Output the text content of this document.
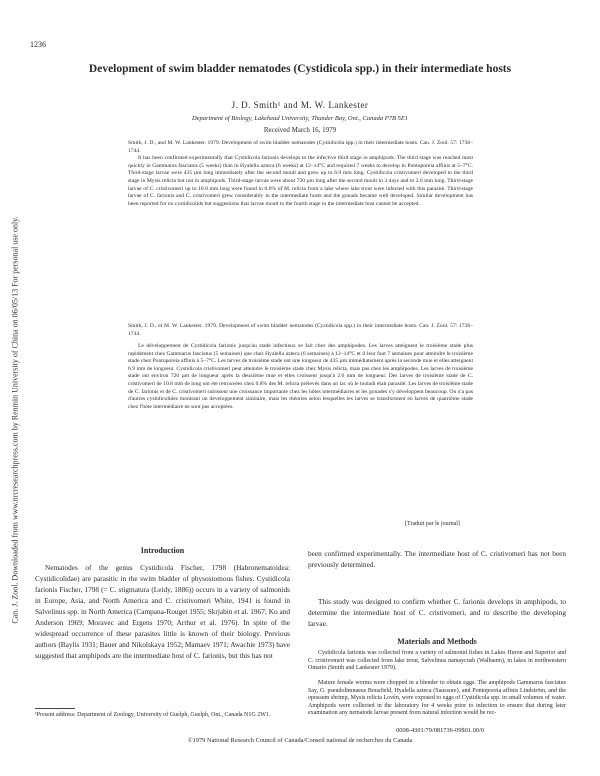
1236
Can. J. Zool. Downloaded from www.nrcresearchpress.com by Renmin University of China on 06/05/13 For personal use only.
Development of swim bladder nematodes (Cystidicola spp.) in their intermediate hosts
J. D. Smith¹ and M. W. Lankester
Department of Biology, Lakehead University, Thunder Bay, Ont., Canada P7B 5E1
Received March 16, 1979

Smith, J. D., and M. W. Lankester. 1979. Development of swim bladder nematodes (Cystidicola spp.) in their intermediate hosts. Can. J. Zool. 57: 1736–1744.

It has been confirmed experimentally that Cystidicola farionis develops to the infective third stage in amphipods. The third stage was reached most quickly in Gammarus fasciatus (5 weeks) than in Hyalella azteca (6 weeks) at 12–14°C and required 7 weeks to develop in Pontoporeia affinis at 5–7°C. Third-stage larvae were 435 µm long immediately after the second moult and grew up to 6.9 mm long. Cystidicola cristivomeri developed to the third stage in Mysis relicta but not in amphipods. Third-stage larvae were about 720 µm long after the second moult in 3 days and to 2.6 mm long. Third-stage larvae of C. cristivomeri up to 10.8 mm long were found in 0.8% of M. relicta from a lake where lake trout were infected with this parasite. Third-stage larvae of C. farionis and C. cristivomeri grew considerably in the intermediate hosts and the gonads became well developed. Similar development has been reported for no cystidicolids but suggestions that larvae moult to the fourth stage in the intermediate host cannot be accepted.

Smith, J. D., et M. W. Lankester. 1979. Development of swim bladder nematodes (Cystidicola spp.) in their intermediate hosts. Can. J. Zool. 57: 1736–1744.

Le développement de Cystidicola farionis jusqu'au stade infectieux se fait chez des amphipodes. Les larves atteignent le troisième stade plus rapidement chez Gammarus fasciatus (5 semaines) que chez Hyalella azteca (6 semaines) à 12–14°C et il leur faut 7 semaines pour atteindre le troisième stade chez Pontoporeia affinis à 5–7°C. Les larves de troisième stade ont une longueur de 435 µm immédiatement après la seconde mue et elles atteignent 6.9 mm de longueur. Cystidicola cristivomeri peut atteindre le troisième stade chez Mysis relicta, mais pas chez les amphipodes. Les larves de troisième stade ont environ 720 µm de longueur après la deuxième mue et elles croissent jusqu'à 2.6 mm de longueur. Des larves de troisième stade de C. cristivomeri de 10.8 mm de long ont été retrouvées chez 0.8% des M. relicta prélevés dans un lac où le touladi était parasité. Les larves de troisième stade de C. farionis et de C. cristivomeri subissent une croissance importante chez les hôtes intermédiaires et les gonades s'y développent beaucoup. On n'a pas d'autres cystidicolidés montrant un développement similaire, mais les théories selon lesquelles les larves se transforment en larves de quatrième stade chez l'hôte intermédiaire ne sont pas acceptées.

[Traduit par le journal]
Introduction

Nematodes of the genus Cystidicola Fischer, 1798 (Habronematoidea: Cystidicolidae) are parasitic in the swim bladder of physostomous fishes. Cystidicola farionis Fischer, 1798 (= C. stigmatura (Leidy, 1886)) occurs in a variety of salmonids in Europe, Asia, and North America and C. cristivomeri White, 1941 is found in Salvelinus spp. in North America (Campana-Rouget 1955; Skrjabin et al. 1967; Ko and Anderson 1969; Moravec and Ergens 1970; Arthur et al. 1976). In spite of the widespread occurrence of these parasites little is known of their biology. Previous authors (Baylis 1931; Bauer and Nikolskaya 1952; Mamaev 1971; Awachie 1973) have suggested that amphipods are the intermediate host of C. farionis, but this has not

been confirmed experimentally. The intermediate host of C. cristivomeri has not been previously determined.

This study was designed to confirm whether C. farionis develops in amphipods, to determine the intermediate host of C. cristivomeri, and to describe the developing larvae.

Materials and Methods

Cystidicola farionis was collected from a variety of salmonid fishes in Lakes Huron and Superior and C. cristivomeri was collected from lake trout, Salvelinus namaycush (Walbaum), in lakes in northwestern Ontario (Smith and Lankester 1979).

Mature female worms were chopped in a blender to obtain eggs. The amphipods Gammarus fasciatus Say, G. pseudolimnaeus Bousfield, Hyalella azteca (Saussure), and Pontoporeia affinis Lindström, and the opossum shrimp, Mysis relicta Lovén, were exposed to eggs of Cystidicola spp. in small volumes of water. Amphipods were collected in the laboratory for 4 weeks prior to infection to ensure that during later examination any nematode larvae present from natural infection would be rec-

¹Present address: Department of Zoology, University of Guelph, Guelph, Ont., Canada N1G 2W1.
0008-4301/79/081736-09$01.00/0
©1979 National Research Council of Canada/Conseil national de recherches du Canada
